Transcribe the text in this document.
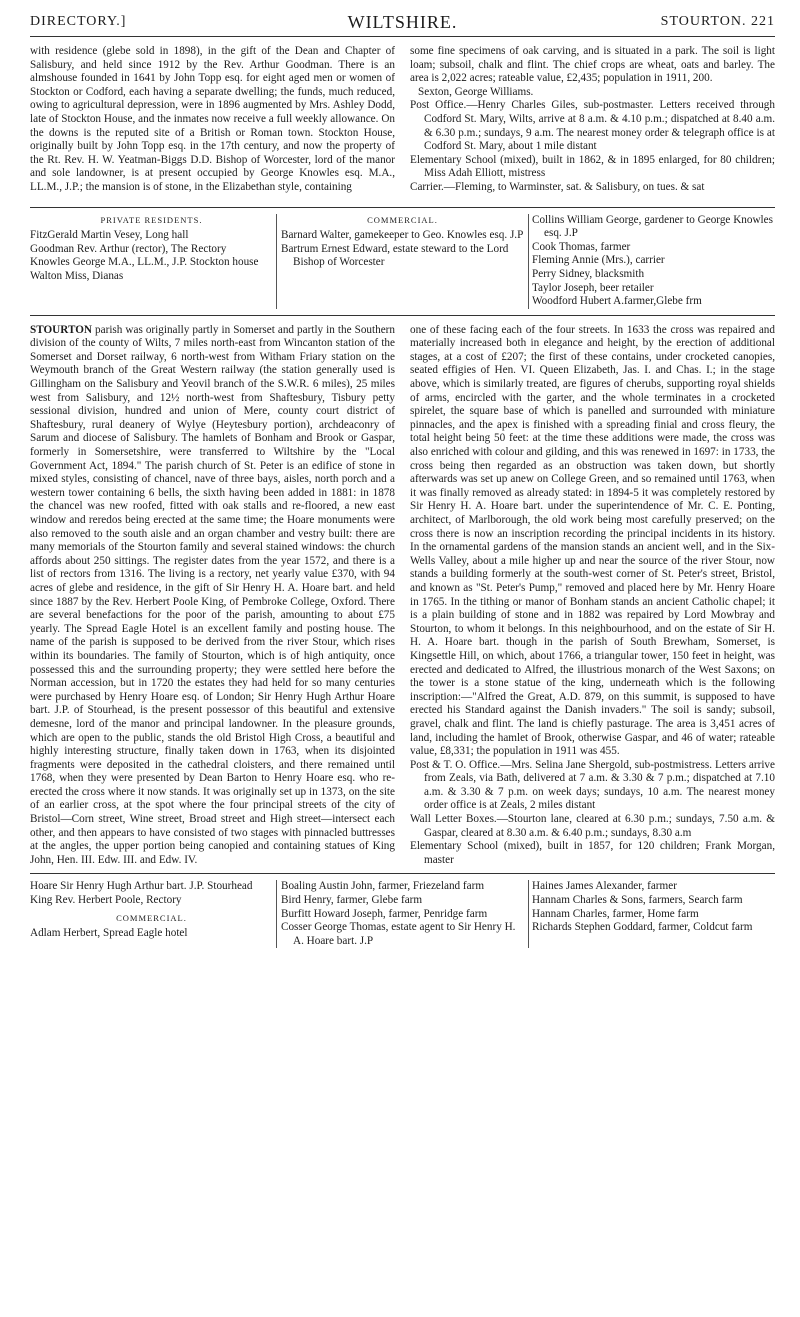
DIRECTORY.]	WILTSHIRE.	STOURTON. 221

with residence (glebe sold in 1898), in the gift of the Dean and Chapter of Salisbury, and held since 1912 by the Rev. Arthur Goodman. There is an almshouse founded in 1641 by John Topp esq. for eight aged men or women of Stockton or Codford, each having a separate dwelling; the funds, much reduced, owing to agricultural depression, were in 1896 augmented by Mrs. Ashley Dodd, late of Stockton House, and the inmates now receive a full weekly allowance. On the downs is the reputed site of a British or Roman town. Stockton House, originally built by John Topp esq. in the 17th century, and now the property of the Rt. Rev. H. W. Yeatman-Biggs D.D. Bishop of Worcester, lord of the manor and sole landowner, is at present occupied by George Knowles esq. M.A., LL.M., J.P.; the mansion is of stone, in the Elizabethan style, containing

some fine specimens of oak carving, and is situated in a park. The soil is light loam; subsoil, chalk and flint. The chief crops are wheat, oats and barley. The area is 2,022 acres; rateable value, £2,435; population in 1911, 200.

Sexton, George Williams.

Post Office.—Henry Charles Giles, sub-postmaster. Letters received through Codford St. Mary, Wilts, arrive at 8 a.m. & 4.10 p.m.; dispatched at 8.40 a.m. & 6.30 p.m.; sundays, 9 a.m. The nearest money order & telegraph office is at Codford St. Mary, about 1 mile distant

Elementary School (mixed), built in 1862, & in 1895 enlarged, for 80 children; Miss Adah Elliott, mistress

Carrier.—Fleming, to Warminster, sat. & Salisbury, on tues. & sat

PRIVATE RESIDENTS.

FitzGerald Martin Vesey, Long hall
Goodman Rev. Arthur (rector), The Rectory
Knowles George M.A., LL.M., J.P. Stockton house
Walton Miss, Dianas

COMMERCIAL.

Barnard Walter, gamekeeper to Geo. Knowles esq. J.P
Bartrum Ernest Edward, estate steward to the Lord Bishop of Worcester
Collins William George, gardener to George Knowles esq. J.P
Cook Thomas, farmer
Fleming Annie (Mrs.), carrier
Perry Sidney, blacksmith
Taylor Joseph, beer retailer
Woodford Hubert A.farmer,Glebe frm

STOURTON parish was originally partly in Somerset and partly in the Southern division of the county of Wilts, 7 miles north-east from Wincanton station of the Somerset and Dorset railway, 6 north-west from Witham Friary station on the Weymouth branch of the Great Western railway (the station generally used is Gillingham on the Salisbury and Yeovil branch of the S.W.R. 6 miles), 25 miles west from Salisbury, and 12½ north-west from Shaftesbury, Tisbury petty sessional division, hundred and union of Mere, county court district of Shaftesbury, rural deanery of Wylye (Heytesbury portion), archdeaconry of Sarum and diocese of Salisbury. The hamlets of Bonham and Brook or Gaspar, formerly in Somersetshire, were transferred to Wiltshire by the "Local Government Act, 1894." The parish church of St. Peter is an edifice of stone in mixed styles, consisting of chancel, nave of three bays, aisles, north porch and a western tower containing 6 bells, the sixth having been added in 1881: in 1878 the chancel was new roofed, fitted with oak stalls and re-floored, a new east window and reredos being erected at the same time; the Hoare monuments were also removed to the south aisle and an organ chamber and vestry built: there are many memorials of the Stourton family and several stained windows: the church affords about 250 sittings. The register dates from the year 1572, and there is a list of rectors from 1316. The living is a rectory, net yearly value £370, with 94 acres of glebe and residence, in the gift of Sir Henry H. A. Hoare bart. and held since 1887 by the Rev. Herbert Poole King, of Pembroke College, Oxford. There are several benefactions for the poor of the parish, amounting to about £75 yearly. The Spread Eagle Hotel is an excellent family and posting house. The name of the parish is supposed to be derived from the river Stour, which rises within its boundaries. The family of Stourton, which is of high antiquity, once possessed this and the surrounding property; they were settled here before the Norman accession, but in 1720 the estates they had held for so many centuries were purchased by Henry Hoare esq. of London; Sir Henry Hugh Arthur Hoare bart. J.P. of Stourhead, is the present possessor of this beautiful and extensive demesne, lord of the manor and principal landowner. In the pleasure grounds, which are open to the public, stands the old Bristol High Cross, a beautiful and highly interesting structure, finally taken down in 1763, when its disjointed fragments were deposited in the cathedral cloisters, and there remained until 1768, when they were presented by Dean Barton to Henry Hoare esq. who re-erected the cross where it now stands. It was originally set up in 1373, on the site of an earlier cross, at the spot where the four principal streets of the city of Bristol—Corn street, Wine street, Broad street and High street—intersect each other, and then appears to have consisted of two stages with pinnacled buttresses at the angles, the upper portion being canopied and containing statues of King John, Hen. III. Edw. III. and Edw. IV.

one of these facing each of the four streets. In 1633 the cross was repaired and materially increased both in elegance and height, by the erection of additional stages, at a cost of £207; the first of these contains, under crocketed canopies, seated effigies of Hen. VI. Queen Elizabeth, Jas. I. and Chas. I.; in the stage above, which is similarly treated, are figures of cherubs, supporting royal shields of arms, encircled with the garter, and the whole terminates in a crocketed spirelet, the square base of which is panelled and surrounded with miniature pinnacles, and the apex is finished with a spreading finial and cross fleury, the total height being 50 feet: at the time these additions were made, the cross was also enriched with colour and gilding, and this was renewed in 1697: in 1733, the cross being then regarded as an obstruction was taken down, but shortly afterwards was set up anew on College Green, and so remained until 1763, when it was finally removed as already stated: in 1894-5 it was completely restored by Sir Henry H. A. Hoare bart. under the superintendence of Mr. C. E. Ponting, architect, of Marlborough, the old work being most carefully preserved; on the cross there is now an inscription recording the principal incidents in its history. In the ornamental gardens of the mansion stands an ancient well, and in the Six-Wells Valley, about a mile higher up and near the source of the river Stour, now stands a building formerly at the south-west corner of St. Peter's street, Bristol, and known as "St. Peter's Pump," removed and placed here by Mr. Henry Hoare in 1765. In the tithing or manor of Bonham stands an ancient Catholic chapel; it is a plain building of stone and in 1882 was repaired by Lord Mowbray and Stourton, to whom it belongs. In this neighbourhood, and on the estate of Sir H. H. A. Hoare bart. though in the parish of South Brewham, Somerset, is Kingsettle Hill, on which, about 1766, a triangular tower, 150 feet in height, was erected and dedicated to Alfred, the illustrious monarch of the West Saxons; on the tower is a stone statue of the king, underneath which is the following inscription:—"Alfred the Great, A.D. 879, on this summit, is supposed to have erected his Standard against the Danish invaders." The soil is sandy; subsoil, gravel, chalk and flint. The land is chiefly pasturage. The area is 3,451 acres of land, including the hamlet of Brook, otherwise Gaspar, and 46 of water; rateable value, £8,331; the population in 1911 was 455.

Post & T. O. Office.—Mrs. Selina Jane Shergold, sub-postmistress. Letters arrive from Zeals, via Bath, delivered at 7 a.m. & 3.30 & 7 p.m.; dispatched at 7.10 a.m. & 3.30 & 7 p.m. on week days; sundays, 10 a.m. The nearest money order office is at Zeals, 2 miles distant

Wall Letter Boxes.—Stourton lane, cleared at 6.30 p.m.; sundays, 7.50 a.m. & Gaspar, cleared at 8.30 a.m. & 6.40 p.m.; sundays, 8.30 a.m

Elementary School (mixed), built in 1857, for 120 children; Frank Morgan, master

Hoare Sir Henry Hugh Arthur bart. J.P. Stourhead
King Rev. Herbert Poole, Rectory

COMMERCIAL.

Adlam Herbert, Spread Eagle hotel
Boaling Austin John, farmer, Friezeland farm
Bird Henry, farmer, Glebe farm
Burfitt Howard Joseph, farmer, Penridge farm
Cosser George Thomas, estate agent to Sir Henry H. A. Hoare bart. J.P
Haines James Alexander, farmer
Hannam Charles & Sons, farmers, Search farm
Hannam Charles, farmer, Home farm
Richards Stephen Goddard, farmer, Coldcut farm
